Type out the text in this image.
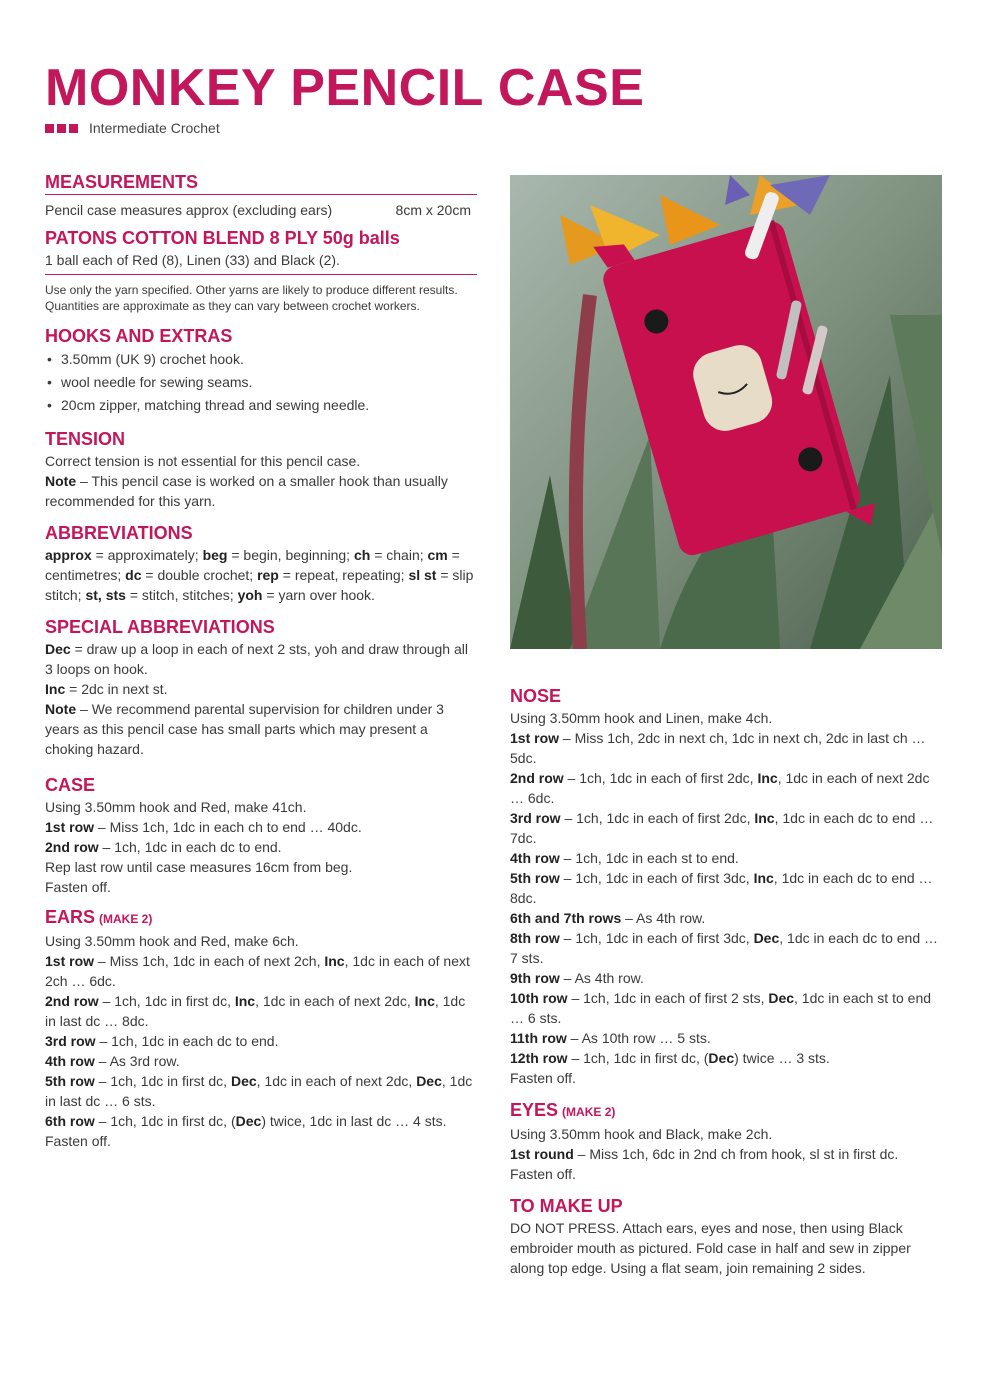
MONKEY PENCIL CASE
Intermediate Crochet
MEASUREMENTS
Pencil case measures approx (excluding ears)	8cm x 20cm
PATONS COTTON BLEND 8 PLY 50g balls
1 ball each of Red (8), Linen (33) and Black (2).
Use only the yarn specified. Other yarns are likely to produce different results.
Quantities are approximate as they can vary between crochet workers.
HOOKS AND EXTRAS
• 3.50mm (UK 9) crochet hook.
• wool needle for sewing seams.
• 20cm zipper, matching thread and sewing needle.
TENSION
Correct tension is not essential for this pencil case.
Note – This pencil case is worked on a smaller hook than usually recommended for this yarn.
ABBREVIATIONS
approx = approximately; beg = begin, beginning; ch = chain; cm = centimetres; dc = double crochet; rep = repeat, repeating; sl st = slip stitch; st, sts = stitch, stitches; yoh = yarn over hook.
SPECIAL ABBREVIATIONS
Dec = draw up a loop in each of next 2 sts, yoh and draw through all 3 loops on hook.
Inc = 2dc in next st.
Note – We recommend parental supervision for children under 3 years as this pencil case has small parts which may present a choking hazard.
CASE
Using 3.50mm hook and Red, make 41ch.
1st row – Miss 1ch, 1dc in each ch to end … 40dc.
2nd row – 1ch, 1dc in each dc to end.
Rep last row until case measures 16cm from beg.
Fasten off.
EARS (MAKE 2)
Using 3.50mm hook and Red, make 6ch.
1st row – Miss 1ch, 1dc in each of next 2ch, Inc, 1dc in each of next 2ch … 6dc.
2nd row – 1ch, 1dc in first dc, Inc, 1dc in each of next 2dc, Inc, 1dc in last dc … 8dc.
3rd row – 1ch, 1dc in each dc to end.
4th row – As 3rd row.
5th row – 1ch, 1dc in first dc, Dec, 1dc in each of next 2dc, Dec, 1dc in last dc … 6 sts.
6th row – 1ch, 1dc in first dc, (Dec) twice, 1dc in last dc … 4 sts.
Fasten off.
NOSE
Using 3.50mm hook and Linen, make 4ch.
1st row – Miss 1ch, 2dc in next ch, 1dc in next ch, 2dc in last ch … 5dc.
2nd row – 1ch, 1dc in each of first 2dc, Inc, 1dc in each of next 2dc … 6dc.
3rd row – 1ch, 1dc in each of first 2dc, Inc, 1dc in each dc to end … 7dc.
4th row – 1ch, 1dc in each st to end.
5th row – 1ch, 1dc in each of first 3dc, Inc, 1dc in each dc to end … 8dc.
6th and 7th rows – As 4th row.
8th row – 1ch, 1dc in each of first 3dc, Dec, 1dc in each dc to end … 7 sts.
9th row – As 4th row.
10th row – 1ch, 1dc in each of first 2 sts, Dec, 1dc in each st to end … 6 sts.
11th row – As 10th row … 5 sts.
12th row – 1ch, 1dc in first dc, (Dec) twice … 3 sts.
Fasten off.
EYES (MAKE 2)
Using 3.50mm hook and Black, make 2ch.
1st round – Miss 1ch, 6dc in 2nd ch from hook, sl st in first dc.
Fasten off.
TO MAKE UP
DO NOT PRESS. Attach ears, eyes and nose, then using Black embroider mouth as pictured. Fold case in half and sew in zipper along top edge. Using a flat seam, join remaining 2 sides.
